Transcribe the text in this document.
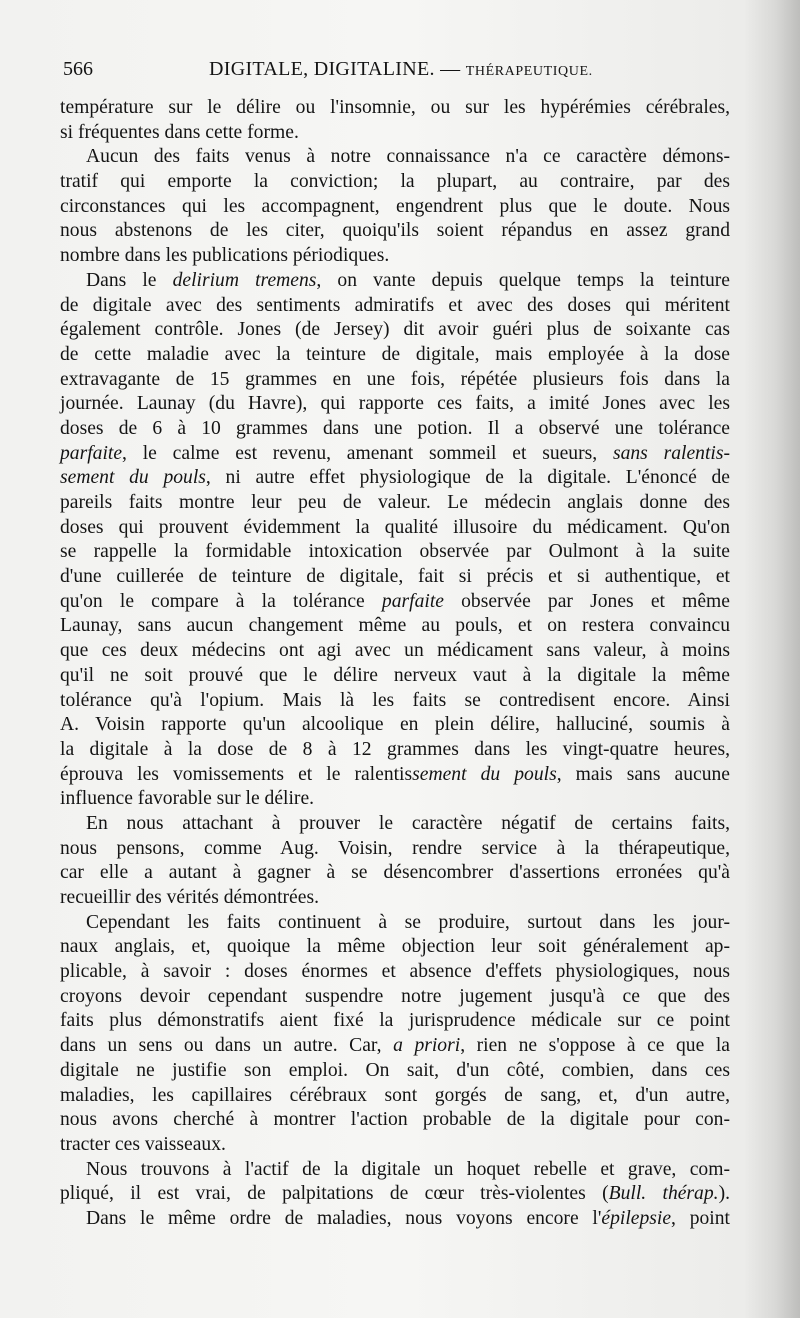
566	DIGITALE, DIGITALINE. — THÉRAPEUTIQUE.
température sur le délire ou l'insomnie, ou sur les hypérémies cérébrales,
si fréquentes dans cette forme.
Aucun des faits venus à notre connaissance n'a ce caractère démons-
tratif qui emporte la conviction; la plupart, au contraire, par des
circonstances qui les accompagnent, engendrent plus que le doute. Nous
nous abstenons de les citer, quoiqu'ils soient répandus en assez grand
nombre dans les publications périodiques.
Dans le delirium tremens, on vante depuis quelque temps la teinture
de digitale avec des sentiments admiratifs et avec des doses qui méritent
également contrôle. Jones (de Jersey) dit avoir guéri plus de soixante cas
de cette maladie avec la teinture de digitale, mais employée à la dose
extravagante de 15 grammes en une fois, répétée plusieurs fois dans la
journée. Launay (du Havre), qui rapporte ces faits, a imité Jones avec les
doses de 6 à 10 grammes dans une potion. Il a observé une tolérance
parfaite, le calme est revenu, amenant sommeil et sueurs, sans ralentis-
sement du pouls, ni autre effet physiologique de la digitale. L'énoncé de
pareils faits montre leur peu de valeur. Le médecin anglais donne des
doses qui prouvent évidemment la qualité illusoire du médicament. Qu'on
se rappelle la formidable intoxication observée par Oulmont à la suite
d'une cuillerée de teinture de digitale, fait si précis et si authentique, et
qu'on le compare à la tolérance parfaite observée par Jones et même
Launay, sans aucun changement même au pouls, et on restera convaincu
que ces deux médecins ont agi avec un médicament sans valeur, à moins
qu'il ne soit prouvé que le délire nerveux vaut à la digitale la même
tolérance qu'à l'opium. Mais là les faits se contredisent encore. Ainsi
A. Voisin rapporte qu'un alcoolique en plein délire, halluciné, soumis à
la digitale à la dose de 8 à 12 grammes dans les vingt-quatre heures,
éprouva les vomissements et le ralentissement du pouls, mais sans aucune
influence favorable sur le délire.
En nous attachant à prouver le caractère négatif de certains faits,
nous pensons, comme Aug. Voisin, rendre service à la thérapeutique,
car elle a autant à gagner à se désencombrer d'assertions erronées qu'à
recueillir des vérités démontrées.
Cependant les faits continuent à se produire, surtout dans les jour-
naux anglais, et, quoique la même objection leur soit généralement ap-
plicable, à savoir : doses énormes et absence d'effets physiologiques, nous
croyons devoir cependant suspendre notre jugement jusqu'à ce que des
faits plus démonstratifs aient fixé la jurisprudence médicale sur ce point
dans un sens ou dans un autre. Car, a priori, rien ne s'oppose à ce que la
digitale ne justifie son emploi. On sait, d'un côté, combien, dans ces
maladies, les capillaires cérébraux sont gorgés de sang, et, d'un autre,
nous avons cherché à montrer l'action probable de la digitale pour con-
tracter ces vaisseaux.
Nous trouvons à l'actif de la digitale un hoquet rebelle et grave, com-
pliqué, il est vrai, de palpitations de cœur très-violentes (Bull. thérap.).
Dans le même ordre de maladies, nous voyons encore l'épilepsie, point
